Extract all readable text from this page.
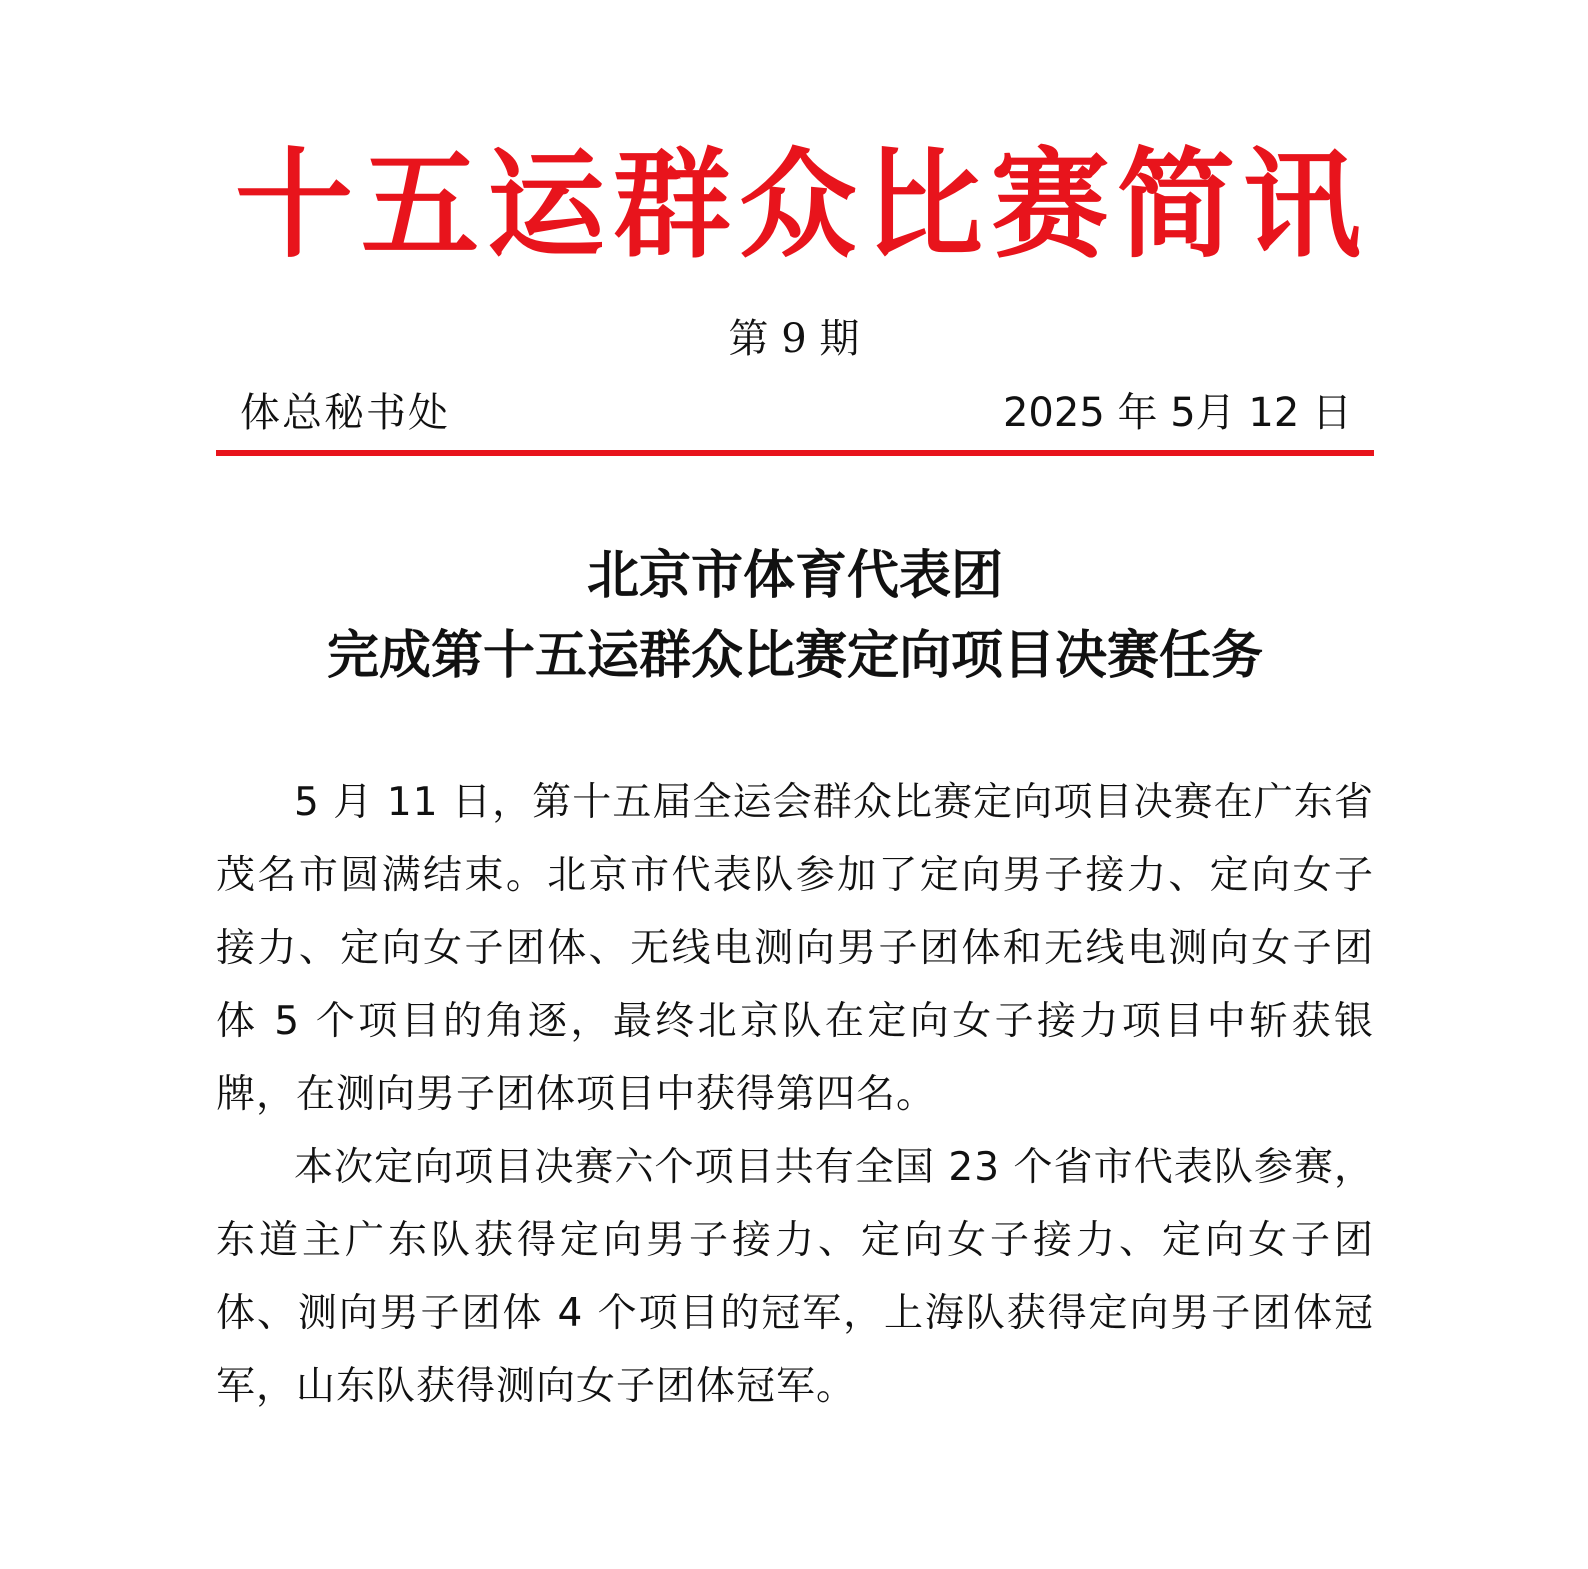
十五运群众比赛简讯
第 9 期
体总秘书处	2025 年 5月 12 日
北京市体育代表团
完成第十五运群众比赛定向项目决赛任务

5 月 11 日，第十五届全运会群众比赛定向项目决赛在广东省茂名市圆满结束。北京市代表队参加了定向男子接力、定向女子接力、定向女子团体、无线电测向男子团体和无线电测向女子团体 5 个项目的角逐，最终北京队在定向女子接力项目中斩获银牌，在测向男子团体项目中获得第四名。

本次定向项目决赛六个项目共有全国 23 个省市代表队参赛，东道主广东队获得定向男子接力、定向女子接力、定向女子团体、测向男子团体 4 个项目的冠军，上海队获得定向男子团体冠军，山东队获得测向女子团体冠军。
